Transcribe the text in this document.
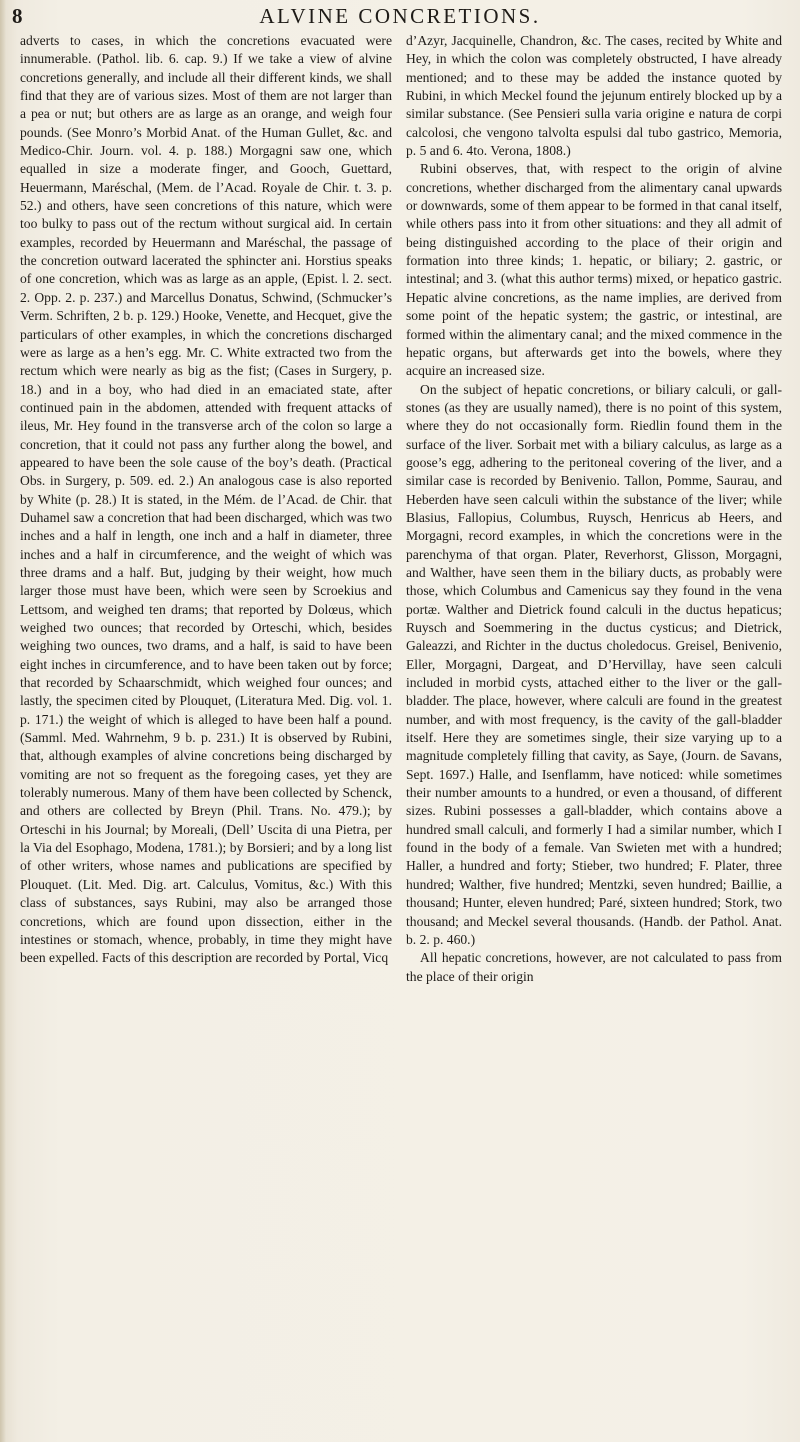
8	ALVINE CONCRETIONS.

adverts to cases, in which the concretions evacuated were innumerable. (Pathol. lib. 6. cap. 9.) If we take a view of alvine concretions generally, and include all their different kinds, we shall find that they are of various sizes. Most of them are not larger than a pea or nut; but others are as large as an orange, and weigh four pounds. (See Monro’s Morbid Anat. of the Human Gullet, &c. and Medico-Chir. Journ. vol. 4. p. 188.) Morgagni saw one, which equalled in size a moderate finger, and Gooch, Guettard, Heuermann, Maréschal, (Mem. de l’Acad. Royale de Chir. t. 3. p. 52.) and others, have seen concretions of this nature, which were too bulky to pass out of the rectum without surgical aid. In certain examples, recorded by Heuermann and Maréschal, the passage of the concretion outward lacerated the sphincter ani. Horstius speaks of one concretion, which was as large as an apple, (Epist. l. 2. sect. 2. Opp. 2. p. 237.) and Marcellus Donatus, Schwind, (Schmucker’s Verm. Schriften, 2 b. p. 129.) Hooke, Venette, and Hecquet, give the particulars of other examples, in which the concretions discharged were as large as a hen’s egg. Mr. C. White extracted two from the rectum which were nearly as big as the fist; (Cases in Surgery, p. 18.) and in a boy, who had died in an emaciated state, after continued pain in the abdomen, attended with frequent attacks of ileus, Mr. Hey found in the transverse arch of the colon so large a concretion, that it could not pass any further along the bowel, and appeared to have been the sole cause of the boy’s death. (Practical Obs. in Surgery, p. 509. ed. 2.) An analogous case is also reported by White (p. 28.) It is stated, in the Mém. de l’Acad. de Chir. that Duhamel saw a concretion that had been discharged, which was two inches and a half in length, one inch and a half in diameter, three inches and a half in circumference, and the weight of which was three drams and a half. But, judging by their weight, how much larger those must have been, which were seen by Scroekius and Lettsom, and weighed ten drams; that reported by Dolœus, which weighed two ounces; that recorded by Orteschi, which, besides weighing two ounces, two drams, and a half, is said to have been eight inches in circumference, and to have been taken out by force; that recorded by Schaarschmidt, which weighed four ounces; and lastly, the specimen cited by Plouquet, (Literatura Med. Dig. vol. 1. p. 171.) the weight of which is alleged to have been half a pound. (Samml. Med. Wahrnehm, 9 b. p. 231.) It is observed by Rubini, that, although examples of alvine concretions being discharged by vomiting are not so frequent as the foregoing cases, yet they are tolerably numerous. Many of them have been collected by Schenck, and others are collected by Breyn (Phil. Trans. No. 479.); by Orteschi in his Journal; by Moreali, (Dell’ Uscita di una Pietra, per la Via del Esophago, Modena, 1781.); by Borsieri; and by a long list of other writers, whose names and publications are specified by Plouquet. (Lit. Med. Dig. art. Calculus, Vomitus, &c.) With this class of substances, says Rubini, may also be arranged those concretions, which are found upon dissection, either in the intestines or stomach, whence, probably, in time they might have been expelled. Facts of this description are recorded by Portal, Vicq

d’Azyr, Jacquinelle, Chandron, &c. The cases, recited by White and Hey, in which the colon was completely obstructed, I have already mentioned; and to these may be added the instance quoted by Rubini, in which Meckel found the jejunum entirely blocked up by a similar substance. (See Pensieri sulla varia origine e natura de corpi calcolosi, che vengono talvolta espulsi dal tubo gastrico, Memoria, p. 5 and 6. 4to. Verona, 1808.)

Rubini observes, that, with respect to the origin of alvine concretions, whether discharged from the alimentary canal upwards or downwards, some of them appear to be formed in that canal itself, while others pass into it from other situations: and they all admit of being distinguished according to the place of their origin and formation into three kinds; 1. hepatic, or biliary; 2. gastric, or intestinal; and 3. (what this author terms) mixed, or hepatico gastric. Hepatic alvine concretions, as the name implies, are derived from some point of the hepatic system; the gastric, or intestinal, are formed within the alimentary canal; and the mixed commence in the hepatic organs, but afterwards get into the bowels, where they acquire an increased size.

On the subject of hepatic concretions, or biliary calculi, or gall-stones (as they are usually named), there is no point of this system, where they do not occasionally form. Riedlin found them in the surface of the liver. Sorbait met with a biliary calculus, as large as a goose’s egg, adhering to the peritoneal covering of the liver, and a similar case is recorded by Benivenio. Tallon, Pomme, Saurau, and Heberden have seen calculi within the substance of the liver; while Blasius, Fallopius, Columbus, Ruysch, Henricus ab Heers, and Morgagni, record examples, in which the concretions were in the parenchyma of that organ. Plater, Reverhorst, Glisson, Morgagni, and Walther, have seen them in the biliary ducts, as probably were those, which Columbus and Camenicus say they found in the vena portæ. Walther and Dietrick found calculi in the ductus hepaticus; Ruysch and Soemmering in the ductus cysticus; and Dietrick, Galeazzi, and Richter in the ductus choledocus. Greisel, Benivenio, Eller, Morgagni, Dargeat, and D’Hervillay, have seen calculi included in morbid cysts, attached either to the liver or the gall-bladder. The place, however, where calculi are found in the greatest number, and with most frequency, is the cavity of the gall-bladder itself. Here they are sometimes single, their size varying up to a magnitude completely filling that cavity, as Saye, (Journ. de Savans, Sept. 1697.) Halle, and Isenflamm, have noticed: while sometimes their number amounts to a hundred, or even a thousand, of different sizes. Rubini possesses a gall-bladder, which contains above a hundred small calculi, and formerly I had a similar number, which I found in the body of a female. Van Swieten met with a hundred; Haller, a hundred and forty; Stieber, two hundred; F. Plater, three hundred; Walther, five hundred; Mentzki, seven hundred; Baillie, a thousand; Hunter, eleven hundred; Paré, sixteen hundred; Stork, two thousand; and Meckel several thousands. (Handb. der Pathol. Anat. b. 2. p. 460.)

All hepatic concretions, however, are not calculated to pass from the place of their origin
